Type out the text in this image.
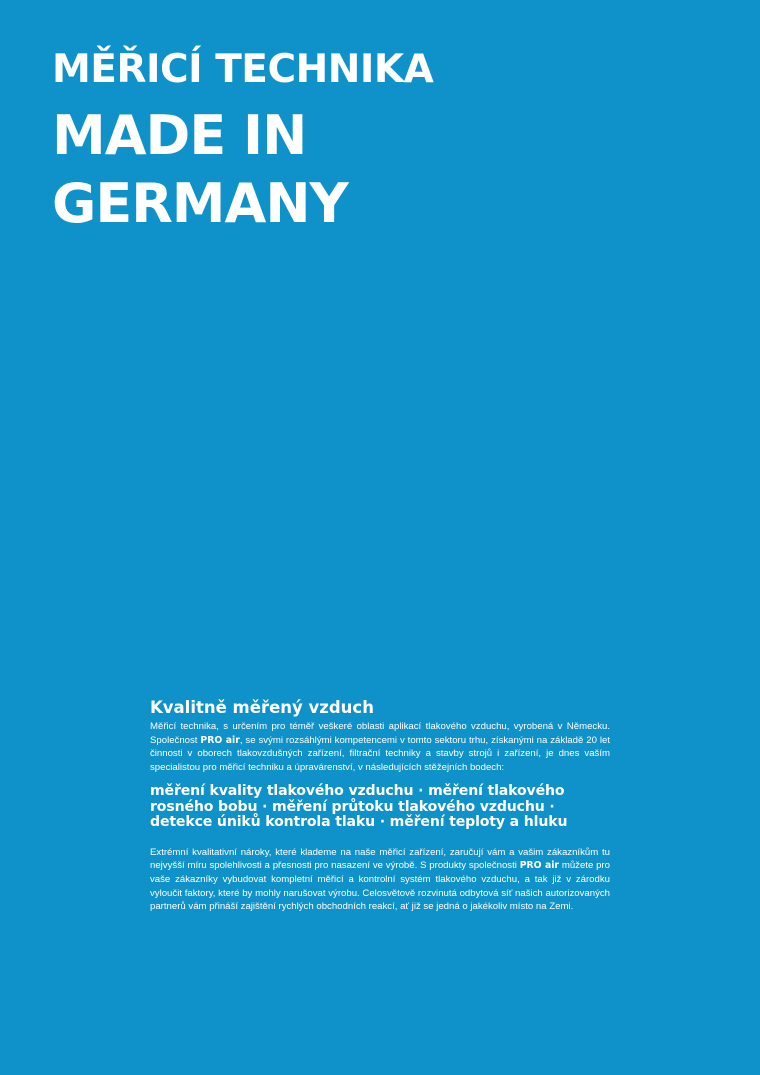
MĚŘICÍ TECHNIKA
MADE IN
GERMANY
Kvalitně měřený vzduch

Měřicí technika, s určením pro téměř veškeré oblasti aplikací tlakového vzduchu, vyrobená v Německu. Společnost PRO air, se svými rozsáhlými kompetencemi v tomto sektoru trhu, získanými na základě 20 let činnosti v oborech tlakovzdušných zařízení, filtrační techniky a stavby strojů i zařízení, je dnes vaším specialistou pro měřicí techniku a úpravárenství, v následujících stěžejních bodech:

měření kvality tlakového vzduchu · měření tlakového rosného bobu · měření průtoku tlakového vzduchu · detekce úniků kontrola tlaku · měření teploty a hluku

Extrémní kvalitativní nároky, které klademe na naše měřicí zařízení, zaručují vám a vašim zákazníkům tu nejvyšší míru spolehlivosti a přesnosti pro nasazení ve výrobě. S produkty společnosti PRO air můžete pro vaše zákazníky vybudovat kompletní měřicí a kontrolní systém tlakového vzduchu, a tak již v zárodku vyloučit faktory, které by mohly narušovat výrobu. Celosvětově rozvinutá odbytová síť našich autorizovaných partnerů vám přináší zajištění rychlých obchodních reakcí, ať již se jedná o jakékoliv místo na Zemi.
